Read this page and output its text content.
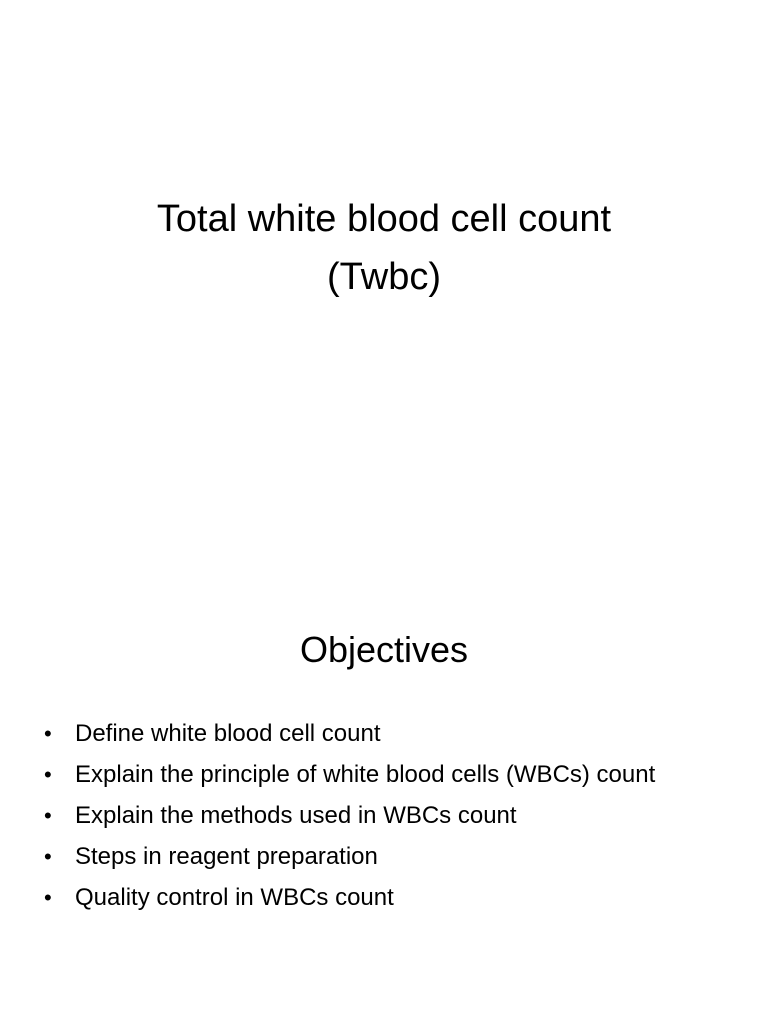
Total white blood cell count
(Twbc)
Objectives
• Define white blood cell count
• Explain the principle of white blood cells (WBCs) count
• Explain the methods used in WBCs count
• Steps in reagent preparation
• Quality control in WBCs count
